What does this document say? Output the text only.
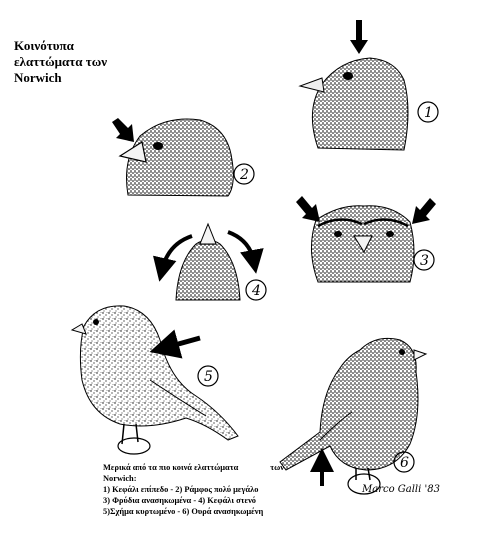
Κοινότυπα
ελαττώματα των
Norwich
1
2
3
4
5
6
Marco Galli '83
Μερικά από τα πιο κοινά ελαττώματα	των
Norwich:
1) Κεφάλι επίπεδο - 2) Ράμφος πολύ μεγάλο
3) Φρύδια ανασηκωμένα - 4) Κεφάλι στενό
5)Σχήμα κυρτωμένο - 6) Ουρά ανασηκωμένη
